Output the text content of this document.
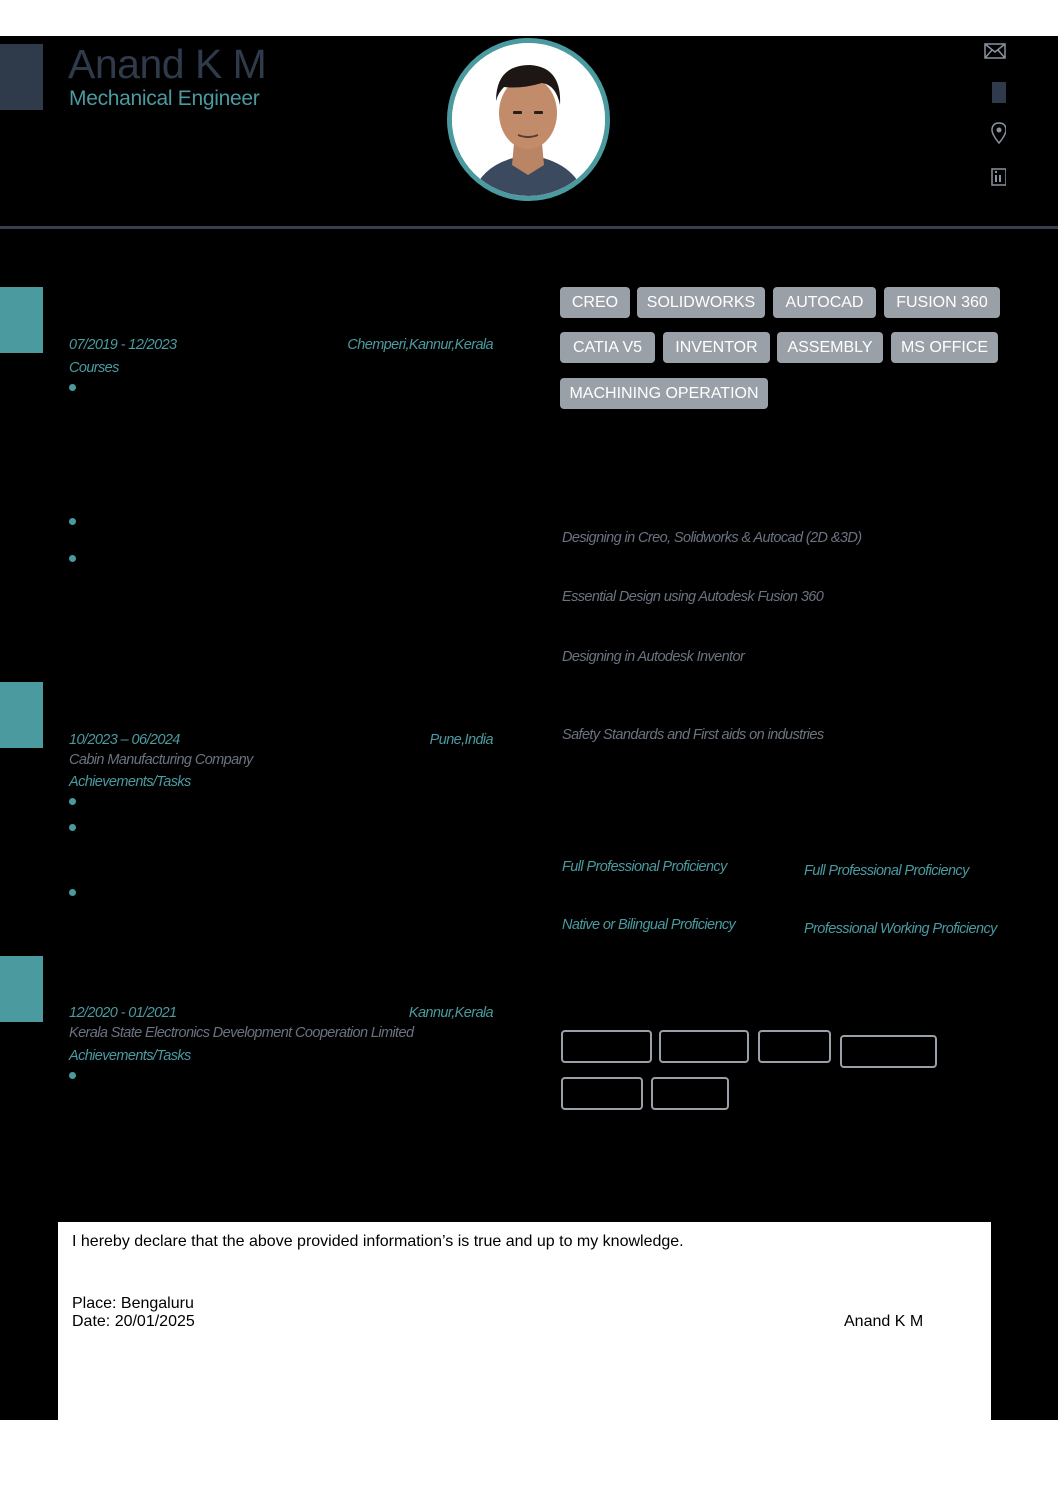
Anand K M
Mechanical Engineer
07/2019 - 12/2023	Chemperi,Kannur,Kerala
Courses
10/2023 – 06/2024	Pune,India
Cabin Manufacturing Company
Achievements/Tasks
12/2020 - 01/2021	Kannur,Kerala
Kerala State Electronics Development Cooperation Limited
Achievements/Tasks
CREO	SOLIDWORKS	AUTOCAD	FUSION 360
CATIA V5	INVENTOR	ASSEMBLY	MS OFFICE
MACHINING OPERATION
Designing in Creo, Solidworks & Autocad (2D &3D)
Essential Design using Autodesk Fusion 360
Designing in Autodesk Inventor
Safety Standards and First aids on industries
Full Professional Proficiency	Full Professional Proficiency
Native or Bilingual Proficiency	Professional Working Proficiency
I hereby declare that the above provided information’s is true and up to my knowledge.
Place: Bengaluru
Date: 20/01/2025	Anand K M
